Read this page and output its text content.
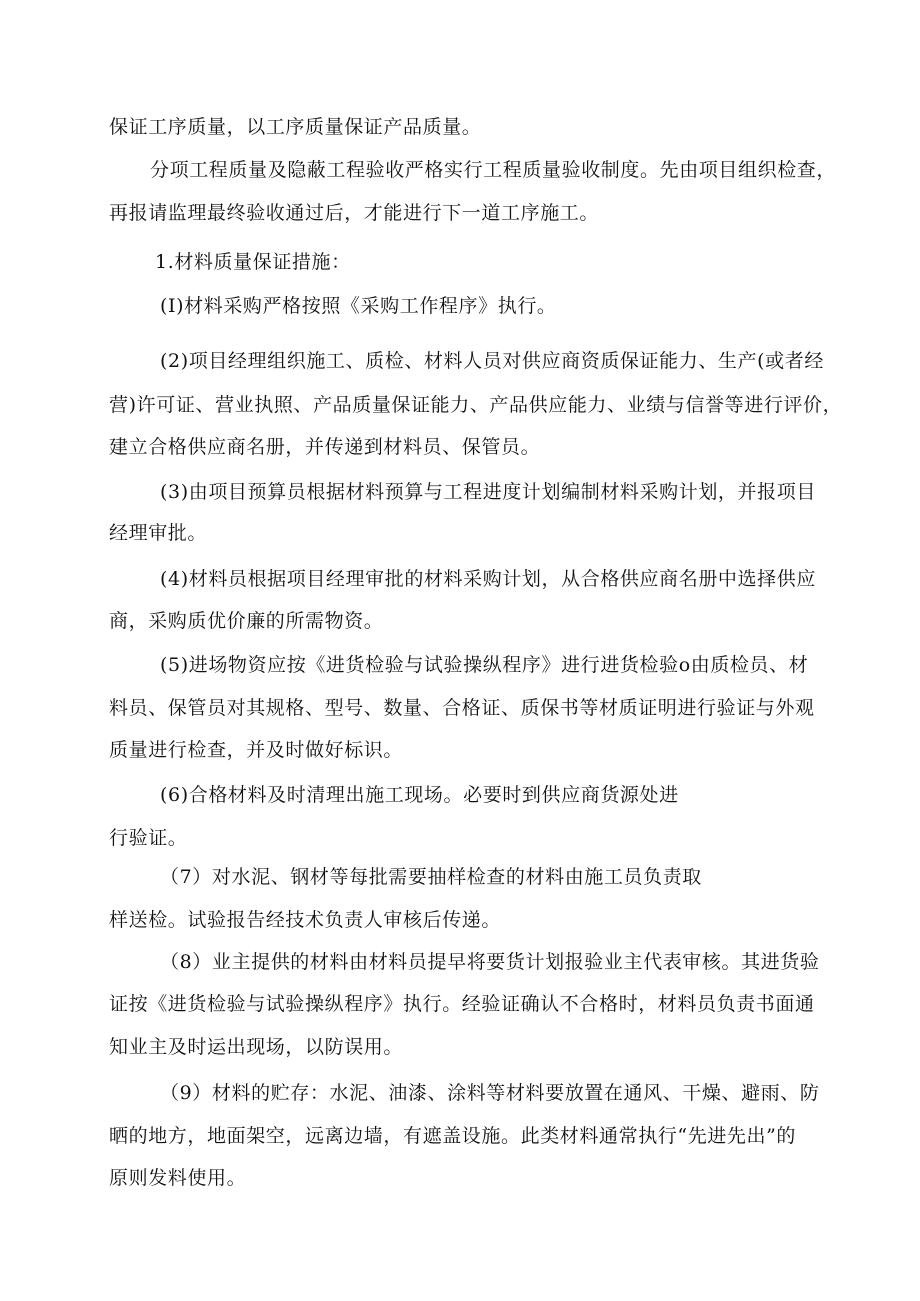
保证工序质量，以工序质量保证产品质量。
分项工程质量及隐蔽工程验收严格实行工程质量验收制度。先由项目组织检查，
再报请监理最终验收通过后，才能进行下一道工序施工。
1.材料质量保证措施：
(I)材料采购严格按照《采购工作程序》执行。
(2)项目经理组织施工、质检、材料人员对供应商资质保证能力、生产(或者经
营)许可证、营业执照、产品质量保证能力、产品供应能力、业绩与信誉等进行评价，
建立合格供应商名册，并传递到材料员、保管员。
(3)由项目预算员根据材料预算与工程进度计划编制材料采购计划，并报项目
经理审批。
(4)材料员根据项目经理审批的材料采购计划，从合格供应商名册中选择供应
商，采购质优价廉的所需物资。
(5)进场物资应按《进货检验与试验操纵程序》进行进货检验o由质检员、材
料员、保管员对其规格、型号、数量、合格证、质保书等材质证明进行验证与外观
质量进行检查，并及时做好标识。
(6)合格材料及时清理出施工现场。必要时到供应商货源处进
行验证。
（7）对水泥、钢材等每批需要抽样检查的材料由施工员负责取
样送检。试验报告经技术负责人审核后传递。
（8）业主提供的材料由材料员提早将要货计划报验业主代表审核。其进货验
证按《进货检验与试验操纵程序》执行。经验证确认不合格时，材料员负责书面通
知业主及时运出现场，以防误用。
（9）材料的贮存：水泥、油漆、涂料等材料要放置在通风、干燥、避雨、防
晒的地方，地面架空，远离边墙，有遮盖设施。此类材料通常执行“先进先出”的
原则发料使用。
